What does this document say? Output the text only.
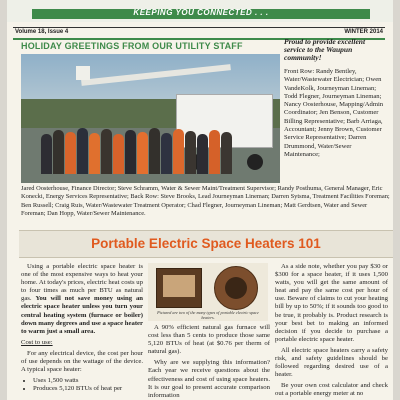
KEEPING YOU CONNECTED . . .
Volume 18, Issue 4	WINTER 2014
HOLIDAY GREETINGS FROM OUR UTILITY STAFF	Proud to provide excellent service to the Waupun community!
Front Row: Randy Bentley, Water/Wastewater Electrician; Owen VandeKolk, Journeyman Lineman; Todd Flegner, Journeyman Lineman; Nancy Oosterhouse, Mapping/Admin Coordinator; Jen Benson, Customer Billing Representative; Barb Arriaga, Accountant; Jenny Brown, Customer Service Representative; Darren Drummond, Water/Sewer Maintenance;
Jared Oosterhouse, Finance Director; Steve Schramm, Water & Sewer Maint/Treatment Supervisor; Randy Posthuma, General Manager, Eric Konecki, Energy Services Representative; Back Row: Steve Brooks, Lead Journeyman Lineman; Darren Sytsma, Treatment Facilities Foreman; Ben Russell; Craig Ruis, Water/Wastewater Treatment Operator; Chad Flegner, Journeyman Lineman; Matt Gerdtsen, Water and Sewer Foreman; Dan Hopp, Water/Sewer Maintenance.
Portable Electric Space Heaters 101

Using a portable electric space heater is one of the most expensive ways to heat your home. At today's prices, electric heat costs up to four times as much per BTU as natural gas. You will not save money using an electric space heater unless you turn your central heating system (furnace or boiler) down many degrees and use a space heater to warm just a small area.

Cost to use:

For any electrical device, the cost per hour of use depends on the wattage of the device. A typical space heater:

• Uses 1,500 watts
• Produces 5,120 BTUs of heat per
Pictured are two of the many types of portable electric space heaters.

A 90% efficient natural gas furnace will cost less than 5 cents to produce those same 5,120 BTUs of heat (at $0.76 per therm of natural gas).

Why are we supplying this information? Each year we receive questions about the effectiveness and cost of using space heaters. It is our goal to present accurate comparison information

As a side note, whether you pay $30 or $300 for a space heater, if it uses 1,500 watts, you will get the same amount of heat and pay the same cost per hour of use. Beware of claims to cut your heating bill by up to 50%; if it sounds too good to be true, it probably is. Product research is your best bet to making an informed decision if you decide to purchase a portable electric space heater.

All electric space heaters carry a safety risk, and safety guidelines should be followed regarding desired use of a heater.

Be your own cost calculator and check out a portable energy meter at no
